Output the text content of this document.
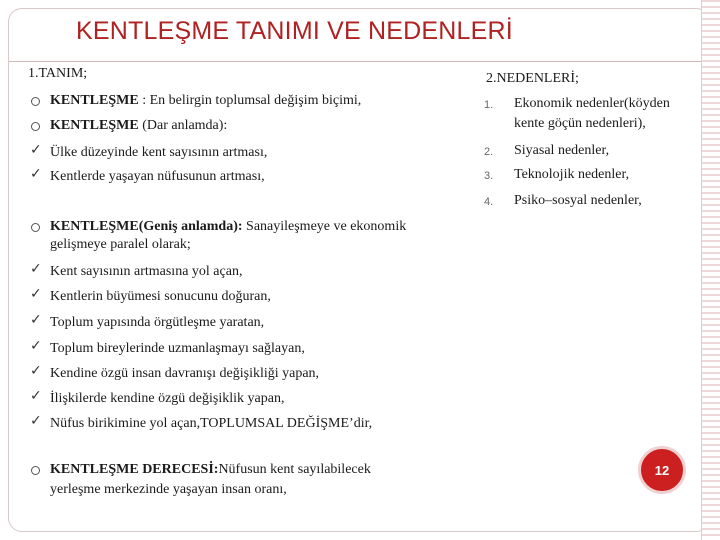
KENTLEŞME TANIMI VE NEDENLERİ
1.TANIM;
KENTLEŞME : En belirgin toplumsal değişim biçimi,
KENTLEŞME (Dar anlamda):
✓ Ülke düzeyinde kent sayısının artması,
✓ Kentlerde yaşayan nüfusunun artması,
KENTLEŞME(Geniş anlamda): Sanayileşmeye ve ekonomik
gelişmeye paralel olarak;
✓ Kent sayısının artmasına yol açan,
✓ Kentlerin büyümesi sonucunu doğuran,
✓ Toplum yapısında örgütleşme yaratan,
✓ Toplum bireylerinde uzmanlaşmayı sağlayan,
✓ Kendine özgü insan davranışı değişikliği yapan,
✓ İlişkilerde kendine özgü değişiklik yapan,
✓ Nüfus birikimine yol açan,TOPLUMSAL DEĞİŞME’dir,
KENTLEŞME DERECESİ:Nüfusun kent sayılabilecek
yerleşme merkezinde yaşayan insan oranı,
2.NEDENLERİ;
1. Ekonomik nedenler(köyden
kente göçün nedenleri),
2. Siyasal nedenler,
3. Teknolojik nedenler,
4. Psiko–sosyal nedenler,
12
